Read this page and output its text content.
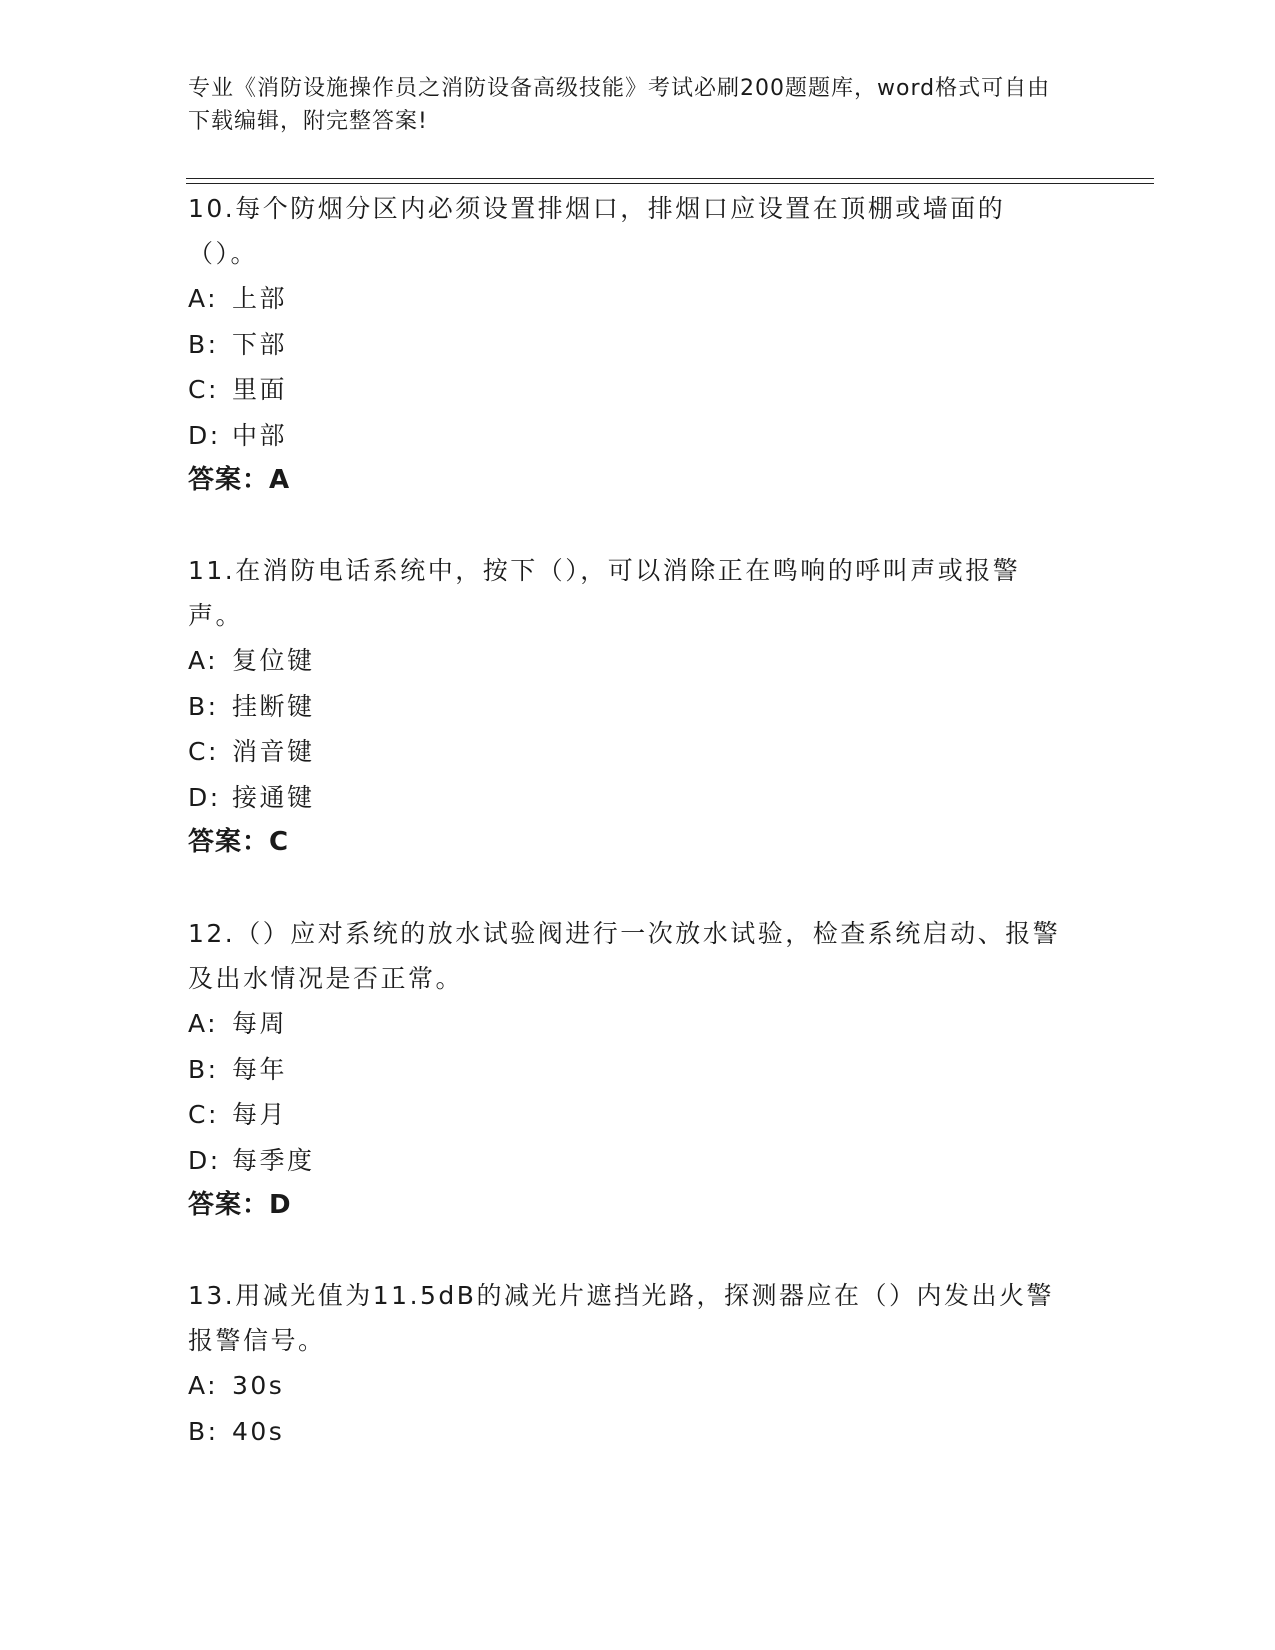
专业《消防设施操作员之消防设备高级技能》考试必刷200题题库，word格式可自由下载编辑，附完整答案!

10.每个防烟分区内必须设置排烟口，排烟口应设置在顶棚或墙面的（）。

A: 上部

B: 下部

C: 里面

D: 中部

答案：A

11.在消防电话系统中，按下（），可以消除正在鸣响的呼叫声或报警声。

A: 复位键

B: 挂断键

C: 消音键

D: 接通键

答案：C

12.（）应对系统的放水试验阀进行一次放水试验，检查系统启动、报警及出水情况是否正常。

A: 每周

B: 每年

C: 每月

D: 每季度

答案：D

13.用减光值为11.5dB的减光片遮挡光路，探测器应在（）内发出火警报警信号。

A: 30s

B: 40s
